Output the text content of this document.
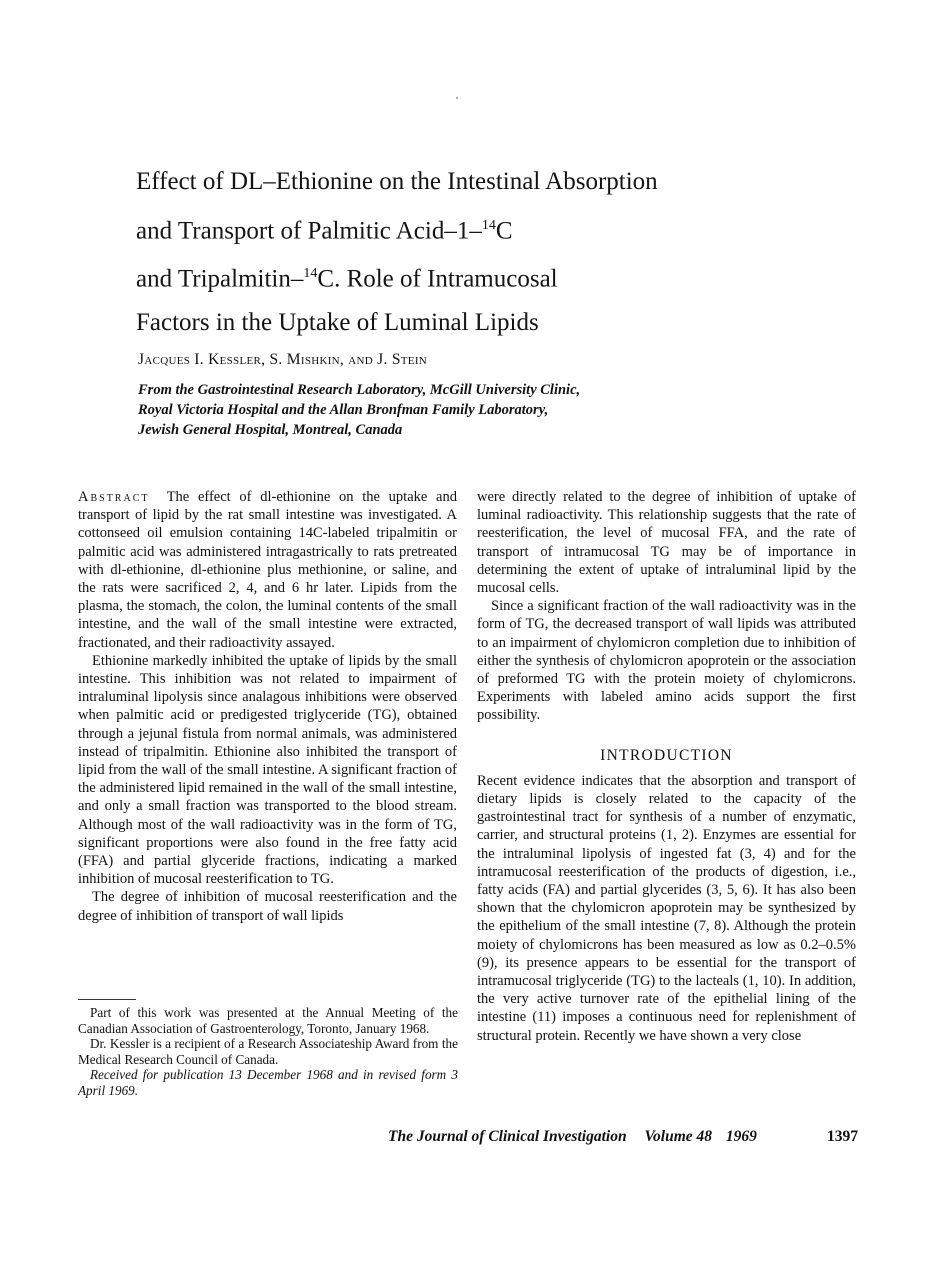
Effect of DL–Ethionine on the Intestinal Absorption
and Transport of Palmitic Acid–1–$^{14}$C
and Tripalmitin–$^{14}$C. Role of Intramucosal
Factors in the Uptake of Luminal Lipids
Jacques I. Kessler, S. Mishkin, and J. Stein
From the Gastrointestinal Research Laboratory, McGill University Clinic,
Royal Victoria Hospital and the Allan Bronfman Family Laboratory,
Jewish General Hospital, Montreal, Canada

Abstract The effect of dl-ethionine on the uptake and transport of lipid by the rat small intestine was investigated. A cottonseed oil emulsion containing 14C-labeled tripalmitin or palmitic acid was administered intragastrically to rats pretreated with dl-ethionine, dl-ethionine plus methionine, or saline, and the rats were sacrificed 2, 4, and 6 hr later. Lipids from the plasma, the stomach, the colon, the luminal contents of the small intestine, and the wall of the small intestine were extracted, fractionated, and their radioactivity assayed.

Ethionine markedly inhibited the uptake of lipids by the small intestine. This inhibition was not related to impairment of intraluminal lipolysis since analagous inhibitions were observed when palmitic acid or predigested triglyceride (TG), obtained through a jejunal fistula from normal animals, was administered instead of tripalmitin. Ethionine also inhibited the transport of lipid from the wall of the small intestine. A significant fraction of the administered lipid remained in the wall of the small intestine, and only a small fraction was transported to the blood stream. Although most of the wall radioactivity was in the form of TG, significant proportions were also found in the free fatty acid (FFA) and partial glyceride fractions, indicating a marked inhibition of mucosal reesterification to TG.

The degree of inhibition of mucosal reesterification and the degree of inhibition of transport of wall lipids

Part of this work was presented at the Annual Meeting of the Canadian Association of Gastroenterology, Toronto, January 1968.

Dr. Kessler is a recipient of a Research Associateship Award from the Medical Research Council of Canada.

Received for publication 13 December 1968 and in revised form 3 April 1969.

were directly related to the degree of inhibition of uptake of luminal radioactivity. This relationship suggests that the rate of reesterification, the level of mucosal FFA, and the rate of transport of intramucosal TG may be of importance in determining the extent of uptake of intraluminal lipid by the mucosal cells.

Since a significant fraction of the wall radioactivity was in the form of TG, the decreased transport of wall lipids was attributed to an impairment of chylomicron completion due to inhibition of either the synthesis of chylomicron apoprotein or the association of preformed TG with the protein moiety of chylomicrons. Experiments with labeled amino acids support the first possibility.

INTRODUCTION

Recent evidence indicates that the absorption and transport of dietary lipids is closely related to the capacity of the gastrointestinal tract for synthesis of a number of enzymatic, carrier, and structural proteins (1, 2). Enzymes are essential for the intraluminal lipolysis of ingested fat (3, 4) and for the intramucosal reesterification of the products of digestion, i.e., fatty acids (FA) and partial glycerides (3, 5, 6). It has also been shown that the chylomicron apoprotein may be synthesized by the epithelium of the small intestine (7, 8). Although the protein moiety of chylomicrons has been measured as low as 0.2–0.5% (9), its presence appears to be essential for the transport of intramucosal triglyceride (TG) to the lacteals (1, 10). In addition, the very active turnover rate of the epithelial lining of the intestine (11) imposes a continuous need for replenishment of structural protein. Recently we have shown a very close

The Journal of Clinical Investigation Volume 48 1969	1397
